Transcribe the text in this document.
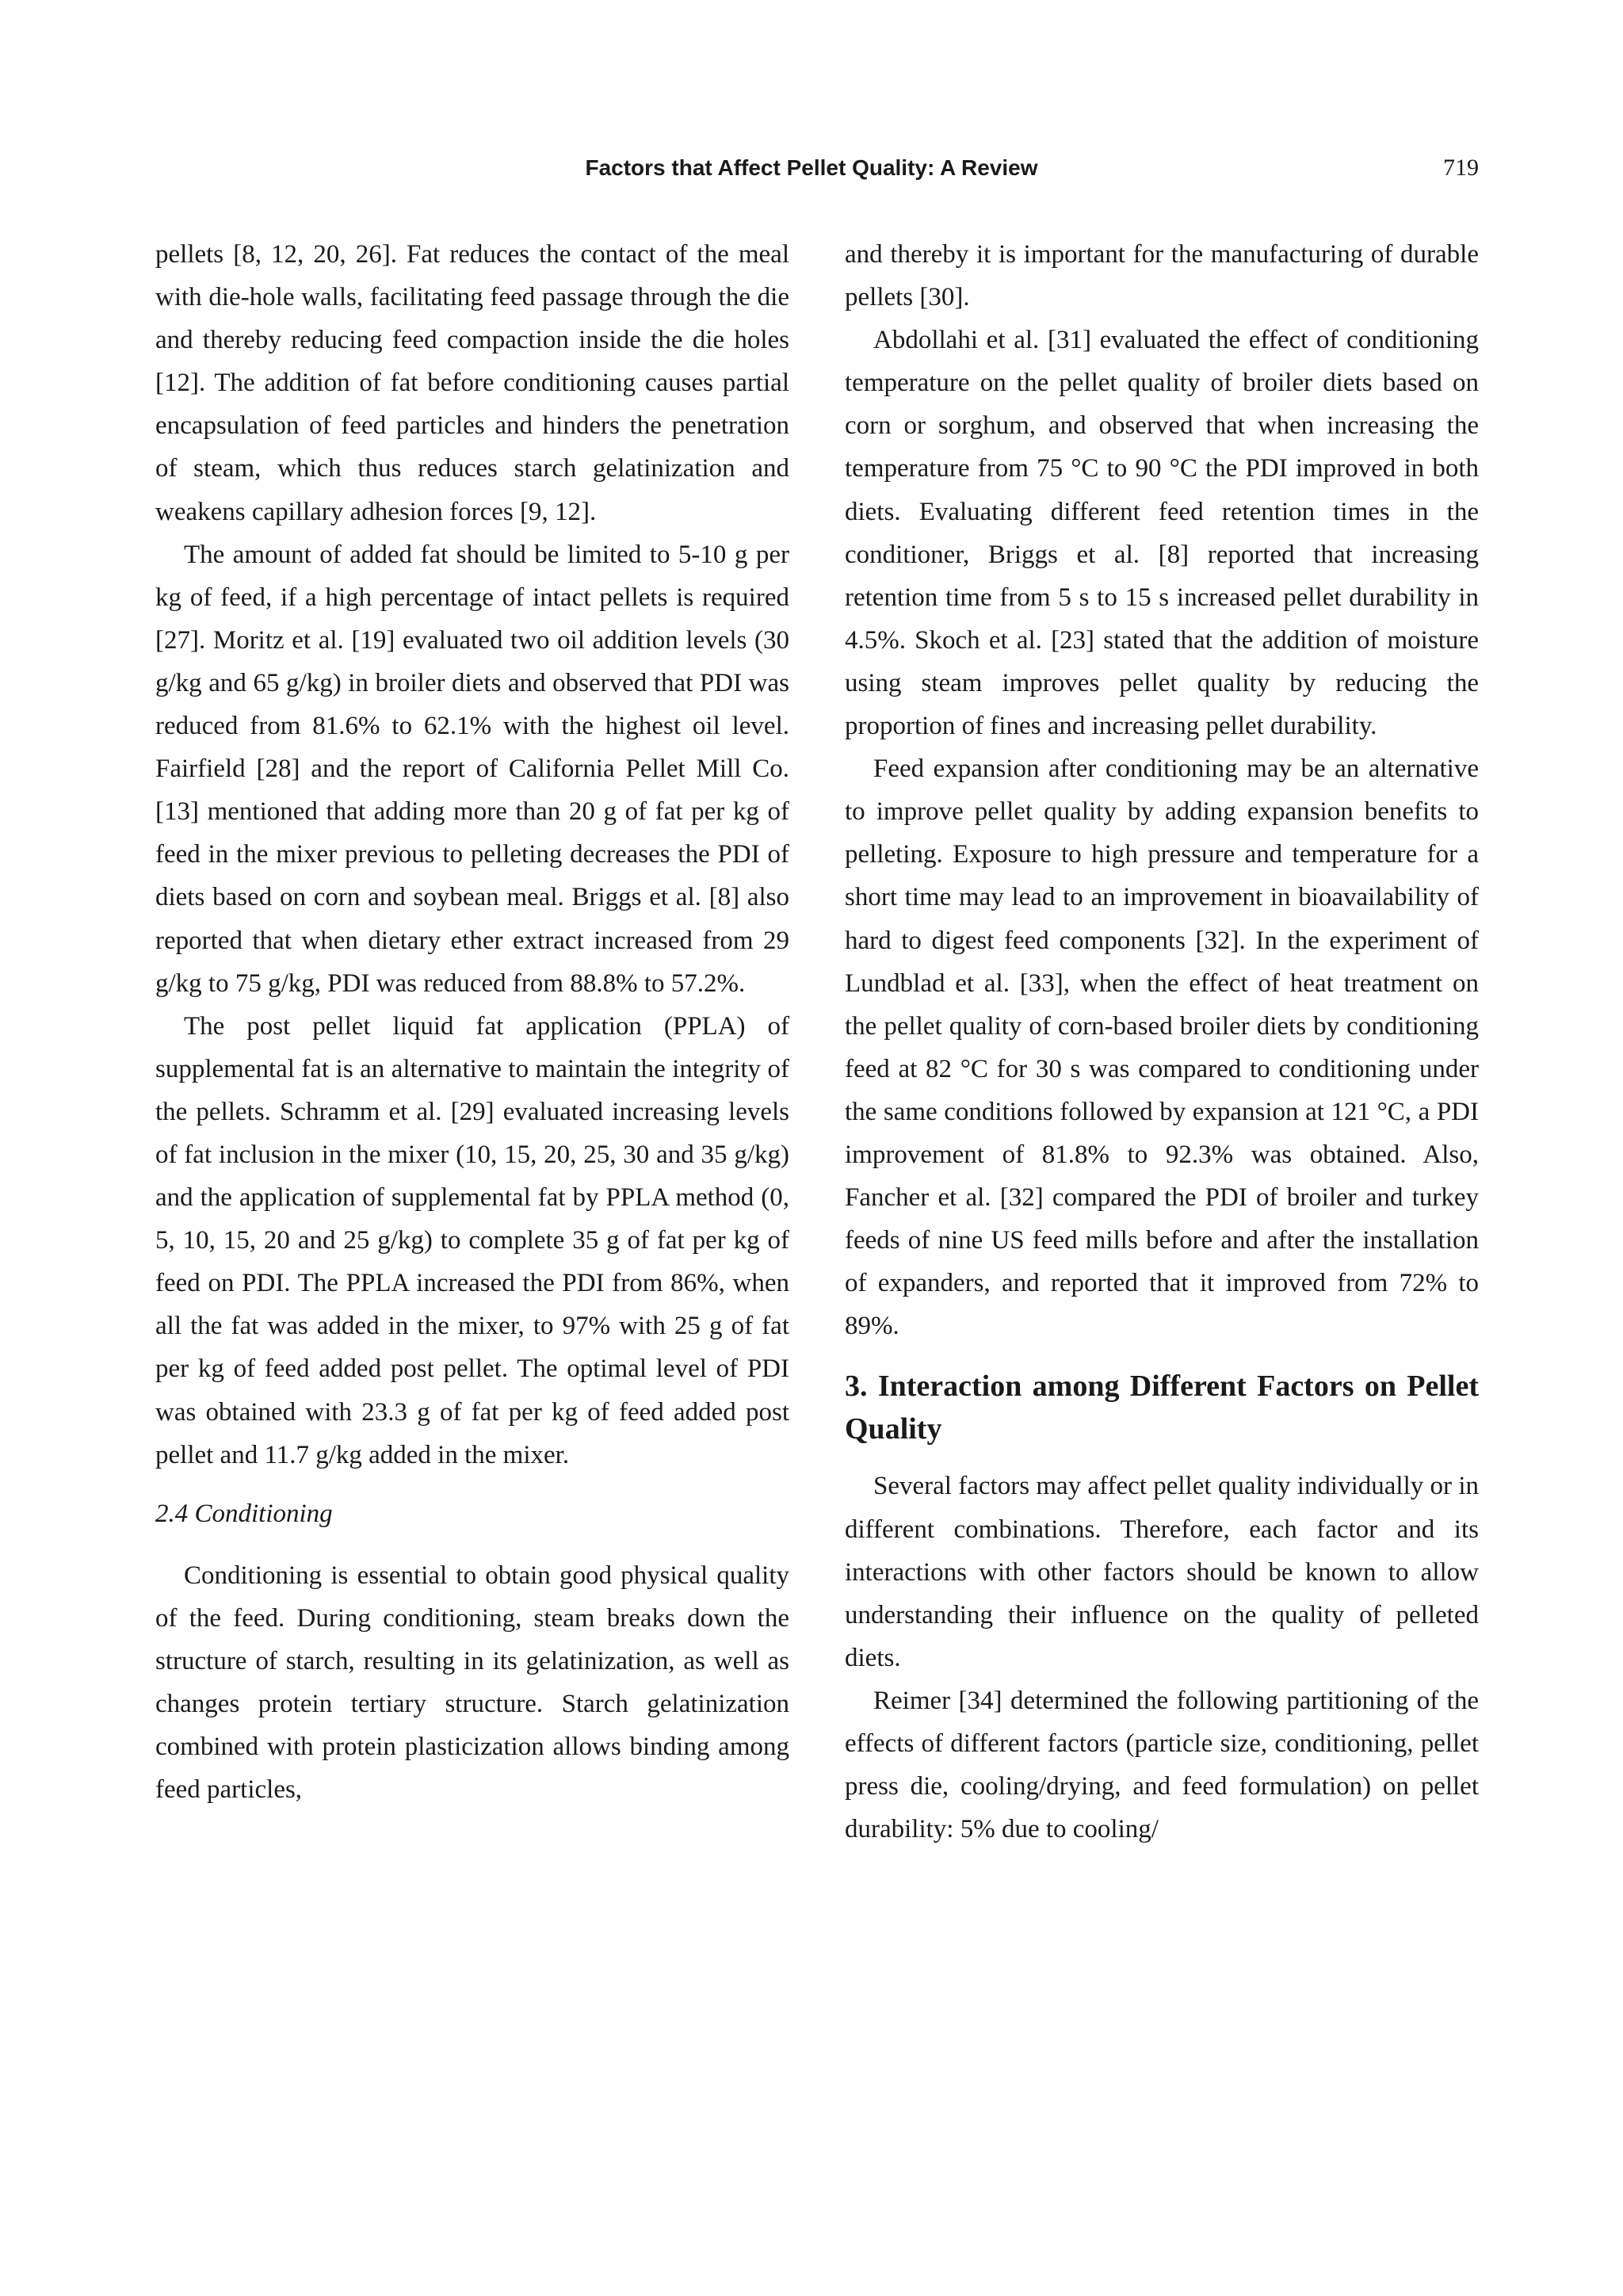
Factors that Affect Pellet Quality: A Review	719

pellets [8, 12, 20, 26]. Fat reduces the contact of the meal with die-hole walls, facilitating feed passage through the die and thereby reducing feed compaction inside the die holes [12]. The addition of fat before conditioning causes partial encapsulation of feed particles and hinders the penetration of steam, which thus reduces starch gelatinization and weakens capillary adhesion forces [9, 12].

The amount of added fat should be limited to 5-10 g per kg of feed, if a high percentage of intact pellets is required [27]. Moritz et al. [19] evaluated two oil addition levels (30 g/kg and 65 g/kg) in broiler diets and observed that PDI was reduced from 81.6% to 62.1% with the highest oil level. Fairfield [28] and the report of California Pellet Mill Co. [13] mentioned that adding more than 20 g of fat per kg of feed in the mixer previous to pelleting decreases the PDI of diets based on corn and soybean meal. Briggs et al. [8] also reported that when dietary ether extract increased from 29 g/kg to 75 g/kg, PDI was reduced from 88.8% to 57.2%.

The post pellet liquid fat application (PPLA) of supplemental fat is an alternative to maintain the integrity of the pellets. Schramm et al. [29] evaluated increasing levels of fat inclusion in the mixer (10, 15, 20, 25, 30 and 35 g/kg) and the application of supplemental fat by PPLA method (0, 5, 10, 15, 20 and 25 g/kg) to complete 35 g of fat per kg of feed on PDI. The PPLA increased the PDI from 86%, when all the fat was added in the mixer, to 97% with 25 g of fat per kg of feed added post pellet. The optimal level of PDI was obtained with 23.3 g of fat per kg of feed added post pellet and 11.7 g/kg added in the mixer.

2.4 Conditioning

Conditioning is essential to obtain good physical quality of the feed. During conditioning, steam breaks down the structure of starch, resulting in its gelatinization, as well as changes protein tertiary structure. Starch gelatinization combined with protein plasticization allows binding among feed particles,

and thereby it is important for the manufacturing of durable pellets [30].

Abdollahi et al. [31] evaluated the effect of conditioning temperature on the pellet quality of broiler diets based on corn or sorghum, and observed that when increasing the temperature from 75 °C to 90 °C the PDI improved in both diets. Evaluating different feed retention times in the conditioner, Briggs et al. [8] reported that increasing retention time from 5 s to 15 s increased pellet durability in 4.5%. Skoch et al. [23] stated that the addition of moisture using steam improves pellet quality by reducing the proportion of fines and increasing pellet durability.

Feed expansion after conditioning may be an alternative to improve pellet quality by adding expansion benefits to pelleting. Exposure to high pressure and temperature for a short time may lead to an improvement in bioavailability of hard to digest feed components [32]. In the experiment of Lundblad et al. [33], when the effect of heat treatment on the pellet quality of corn-based broiler diets by conditioning feed at 82 °C for 30 s was compared to conditioning under the same conditions followed by expansion at 121 °C, a PDI improvement of 81.8% to 92.3% was obtained. Also, Fancher et al. [32] compared the PDI of broiler and turkey feeds of nine US feed mills before and after the installation of expanders, and reported that it improved from 72% to 89%.

3. Interaction among Different Factors on Pellet Quality

Several factors may affect pellet quality individually or in different combinations. Therefore, each factor and its interactions with other factors should be known to allow understanding their influence on the quality of pelleted diets.

Reimer [34] determined the following partitioning of the effects of different factors (particle size, conditioning, pellet press die, cooling/drying, and feed formulation) on pellet durability: 5% due to cooling/
